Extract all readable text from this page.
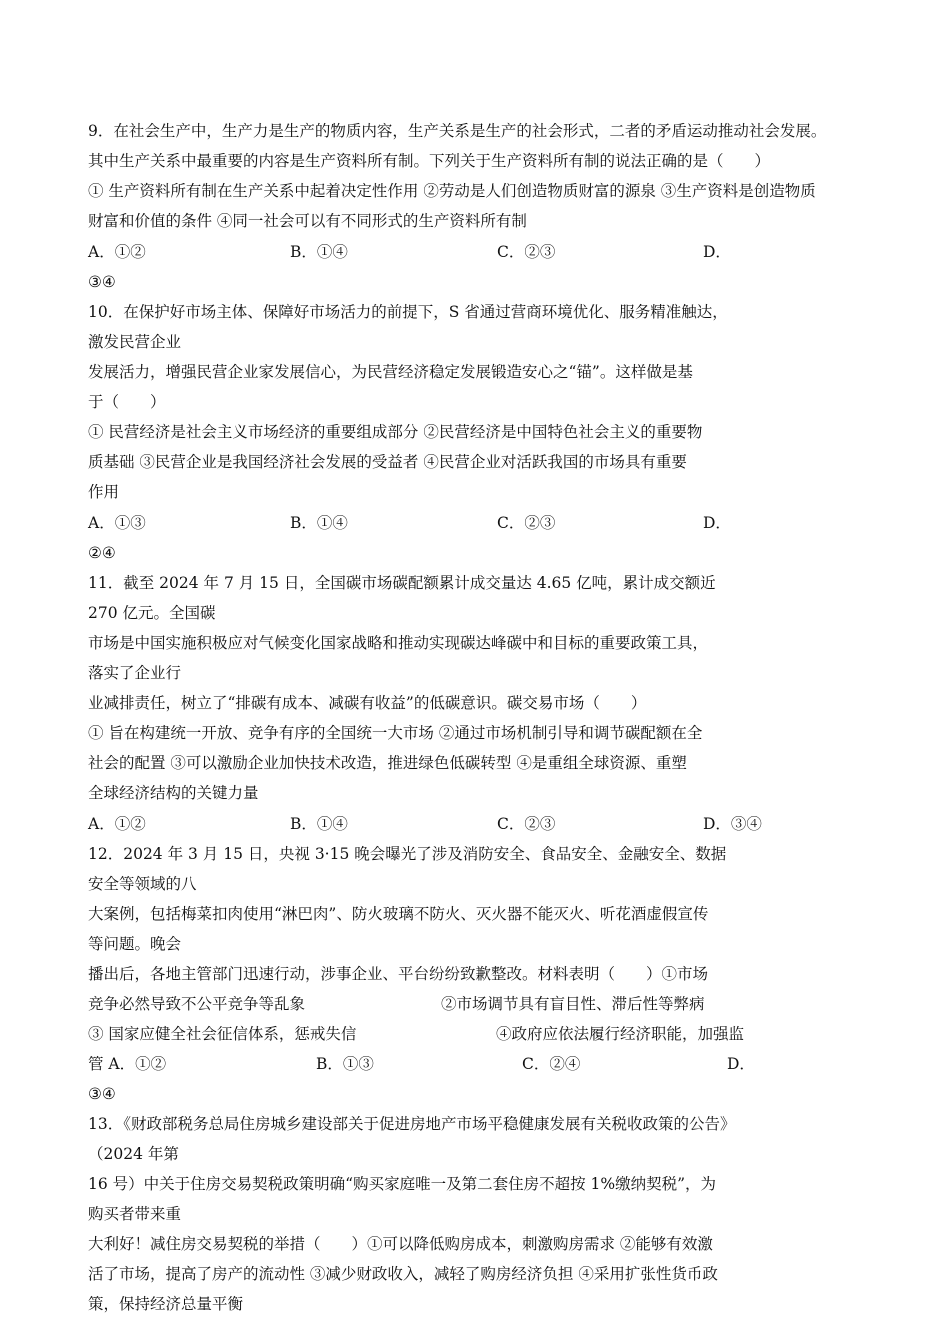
9．在社会生产中，生产力是生产的物质内容，生产关系是生产的社会形式，二者的矛盾运动推动社会发展。

其中生产关系中最重要的内容是生产资料所有制。下列关于生产资料所有制的说法正确的是（　　）

① 生产资料所有制在生产关系中起着决定性作用 ②劳动是人们创造物质财富的源泉 ③生产资料是创造物质

财富和价值的条件 ④同一社会可以有不同形式的生产资料所有制

A．①②	B．①④	C．②③	D．

③④

10．在保护好市场主体、保障好市场活力的前提下，S 省通过营商环境优化、服务精准触达，

激发民营企业

发展活力，增强民营企业家发展信心，为民营经济稳定发展锻造安心之“锚”。这样做是基

于（　　）

① 民营经济是社会主义市场经济的重要组成部分 ②民营经济是中国特色社会主义的重要物

质基础 ③民营企业是我国经济社会发展的受益者 ④民营企业对活跃我国的市场具有重要

作用

A．①③	B．①④	C．②③	D．

②④

11．截至 2024 年 7 月 15 日，全国碳市场碳配额累计成交量达 4.65 亿吨，累计成交额近

270 亿元。全国碳

市场是中国实施积极应对气候变化国家战略和推动实现碳达峰碳中和目标的重要政策工具，

落实了企业行

业减排责任，树立了“排碳有成本、减碳有收益”的低碳意识。碳交易市场（　　）

① 旨在构建统一开放、竞争有序的全国统一大市场 ②通过市场机制引导和调节碳配额在全

社会的配置 ③可以激励企业加快技术改造，推进绿色低碳转型 ④是重组全球资源、重塑

全球经济结构的关键力量

A．①②	B．①④	C．②③	D．③④

12．2024 年 3 月 15 日，央视 3·15 晚会曝光了涉及消防安全、食品安全、金融安全、数据

安全等领域的八

大案例，包括梅菜扣肉使用“淋巴肉”、防火玻璃不防火、灭火器不能灭火、听花酒虚假宣传

等问题。晚会

播出后，各地主管部门迅速行动，涉事企业、平台纷纷致歉整改。材料表明（　　）①市场

竞争必然导致不公平竞争等乱象	②市场调节具有盲目性、滞后性等弊病
③ 国家应健全社会征信体系，惩戒失信	④政府应依法履行经济职能，加强监
管 A．①②	B．①③	C．②④	D．

③④

13．《财政部税务总局住房城乡建设部关于促进房地产市场平稳健康发展有关税收政策的公告》

（2024 年第

16 号）中关于住房交易契税政策明确“购买家庭唯一及第二套住房不超按 1%缴纳契税”，为

购买者带来重

大利好！减住房交易契税的举措（　　）①可以降低购房成本，刺激购房需求 ②能够有效激

活了市场，提高了房产的流动性 ③减少财政收入，减轻了购房经济负担 ④采用扩张性货币政

策，保持经济总量平衡
